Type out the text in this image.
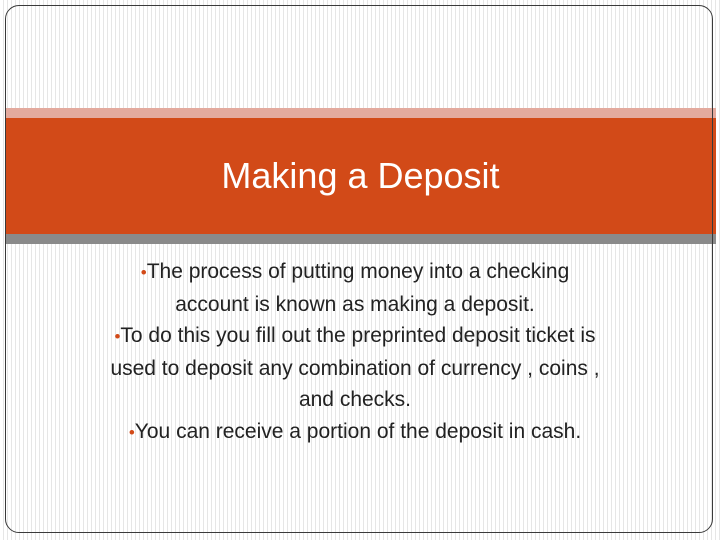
Making a Deposit

•The process of putting money into a checking account is known as making a deposit.

•To do this you fill out the preprinted deposit ticket is used to deposit any combination of currency , coins , and checks.

•You can receive a portion of the deposit in cash.
